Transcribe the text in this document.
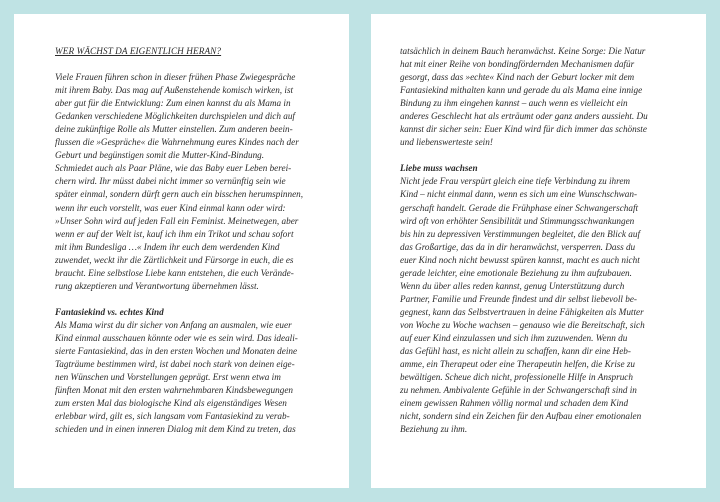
WER WÄCHST DA EIGENTLICH HERAN?
Viele Frauen führen schon in dieser frühen Phase Zwiegespräche
mit ihrem Baby. Das mag auf Außenstehende komisch wirken, ist
aber gut für die Entwicklung: Zum einen kannst du als Mama in
Gedanken verschiedene Möglichkeiten durchspielen und dich auf
deine zukünftige Rolle als Mutter einstellen. Zum anderen beein-
flussen die »Gespräche« die Wahrnehmung eures Kindes nach der
Geburt und begünstigen somit die Mutter-Kind-Bindung.
Schmiedet auch als Paar Pläne, wie das Baby euer Leben berei-
chern wird. Ihr müsst dabei nicht immer so vernünftig sein wie
später einmal, sondern dürft gern auch ein bisschen herumspinnen,
wenn ihr euch vorstellt, was euer Kind einmal kann oder wird:
»Unser Sohn wird auf jeden Fall ein Feminist. Meinetwegen, aber
wenn er auf der Welt ist, kauf ich ihm ein Trikot und schau sofort
mit ihm Bundesliga …« Indem ihr euch dem werdenden Kind
zuwendet, weckt ihr die Zärtlichkeit und Fürsorge in euch, die es
braucht. Eine selbstlose Liebe kann entstehen, die euch Verände-
rung akzeptieren und Verantwortung übernehmen lässt.
Fantasiekind vs. echtes Kind
Als Mama wirst du dir sicher von Anfang an ausmalen, wie euer
Kind einmal ausschauen könnte oder wie es sein wird. Das ideali-
sierte Fantasiekind, das in den ersten Wochen und Monaten deine
Tagträume bestimmen wird, ist dabei noch stark von deinen eige-
nen Wünschen und Vorstellungen geprägt. Erst wenn etwa im
fünften Monat mit den ersten wahrnehmbaren Kindsbewegungen
zum ersten Mal das biologische Kind als eigenständiges Wesen
erlebbar wird, gilt es, sich langsam vom Fantasiekind zu verab-
schieden und in einen inneren Dialog mit dem Kind zu treten, das
tatsächlich in deinem Bauch heranwächst. Keine Sorge: Die Natur
hat mit einer Reihe von bondingfördernden Mechanismen dafür
gesorgt, dass das »echte« Kind nach der Geburt locker mit dem
Fantasiekind mithalten kann und gerade du als Mama eine innige
Bindung zu ihm eingehen kannst – auch wenn es vielleicht ein
anderes Geschlecht hat als erträumt oder ganz anders aussieht. Du
kannst dir sicher sein: Euer Kind wird für dich immer das schönste
und liebenswerteste sein!
Liebe muss wachsen
Nicht jede Frau verspürt gleich eine tiefe Verbindung zu ihrem
Kind – nicht einmal dann, wenn es sich um eine Wunschschwan-
gerschaft handelt. Gerade die Frühphase einer Schwangerschaft
wird oft von erhöhter Sensibilität und Stimmungsschwankungen
bis hin zu depressiven Verstimmungen begleitet, die den Blick auf
das Großartige, das da in dir heranwächst, versperren. Dass du
euer Kind noch nicht bewusst spüren kannst, macht es auch nicht
gerade leichter, eine emotionale Beziehung zu ihm aufzubauen.
Wenn du über alles reden kannst, genug Unterstützung durch
Partner, Familie und Freunde findest und dir selbst liebevoll be-
gegnest, kann das Selbstvertrauen in deine Fähigkeiten als Mutter
von Woche zu Woche wachsen – genauso wie die Bereitschaft, sich
auf euer Kind einzulassen und sich ihm zuzuwenden. Wenn du
das Gefühl hast, es nicht allein zu schaffen, kann dir eine Heb-
amme, ein Therapeut oder eine Therapeutin helfen, die Krise zu
bewältigen. Scheue dich nicht, professionelle Hilfe in Anspruch
zu nehmen. Ambivalente Gefühle in der Schwangerschaft sind in
einem gewissen Rahmen völlig normal und schaden dem Kind
nicht, sondern sind ein Zeichen für den Aufbau einer emotionalen
Beziehung zu ihm.
